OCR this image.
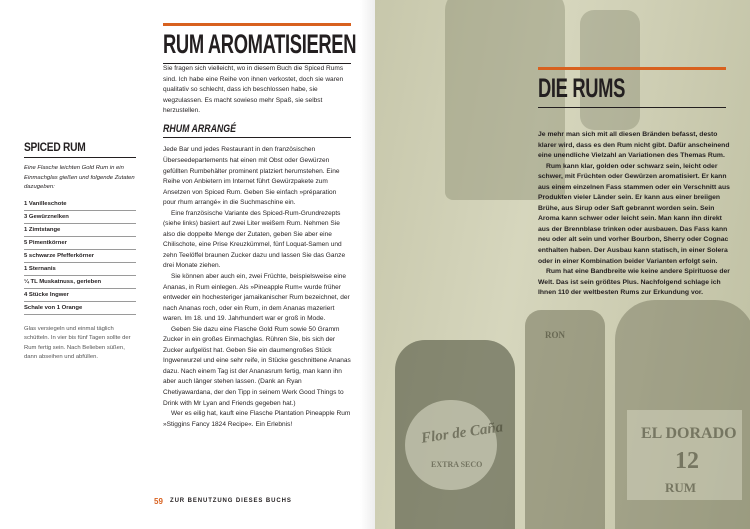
SPICED RUM
Eine Flasche leichten Gold Rum in ein Einmachglas gießen und folgende Zutaten dazugeben:
1 Vanilleschote
3 Gewürznelken
1 Zimtstange
5 Pimentkörner
5 schwarze Pfefferkörner
1 Sternanis
¼ TL Muskatnuss, gerieben
4 Stücke Ingwer
Schale von 1 Orange
Glas versiegeln und einmal täglich schütteln. In vier bis fünf Tagen sollte der Rum fertig sein. Nach Belieben süßen, dann abseihen und abfüllen.
RUM AROMATISIEREN

Sie fragen sich vielleicht, wo in diesem Buch die Spiced Rums sind. Ich habe eine Reihe von ihnen verkostet, doch sie waren qualitativ so schlecht, dass ich beschlossen habe, sie wegzulassen. Es macht sowieso mehr Spaß, sie selbst herzustellen.

RHUM ARRANGÉ

Jede Bar und jedes Restaurant in den französischen Überseedepartements hat einen mit Obst oder Gewürzen gefüllten Rumbehälter prominent platziert herumstehen. Eine Reihe von Anbietern im Internet führt Gewürzpakete zum Ansetzen von Spiced Rum. Geben Sie einfach »préparation pour rhum arrangé« in die Suchmaschine ein.

Eine französische Variante des Spiced-Rum-Grundrezepts (siehe links) basiert auf zwei Liter weißem Rum. Nehmen Sie also die doppelte Menge der Zutaten, geben Sie aber eine Chilischote, eine Prise Kreuzkümmel, fünf Loquat-Samen und zehn Teelöffel braunen Zucker dazu und lassen Sie das Ganze drei Monate ziehen.

Sie können aber auch ein, zwei Früchte, beispielsweise eine Ananas, in Rum einlegen. Als »Pineapple Rum« wurde früher entweder ein hochesteriger jamaikanischer Rum bezeichnet, der nach Ananas roch, oder ein Rum, in dem Ananas mazeriert waren. Im 18. und 19. Jahrhundert war er groß in Mode.

Geben Sie dazu eine Flasche Gold Rum sowie 50 Gramm Zucker in ein großes Einmachglas. Rühren Sie, bis sich der Zucker aufgelöst hat. Geben Sie ein daumengroßes Stück Ingwerwurzel und eine sehr reife, in Stücke geschnittene Ananas dazu. Nach einem Tag ist der Ananasrum fertig, man kann ihn aber auch länger stehen lassen. (Dank an Ryan Chetiyawardana, der den Tipp in seinem Werk Good Things to Drink with Mr Lyan and Friends gegeben hat.)

Wer es eilig hat, kauft eine Flasche Plantation Pineapple Rum »Stiggins Fancy 1824 Recipe«. Ein Erlebnis!

59 ZUR BENUTZUNG DIESES BUCHS
Flor de Caña
EXTRA SECO
EL DORADO
12
RUM
RON
DIE RUMS

Je mehr man sich mit all diesen Bränden befasst, desto klarer wird, dass es den Rum nicht gibt. Dafür anscheinend eine unendliche Vielzahl an Variationen des Themas Rum.

Rum kann klar, golden oder schwarz sein, leicht oder schwer, mit Früchten oder Gewürzen aromatisiert. Er kann aus einem einzelnen Fass stammen oder ein Verschnitt aus Produkten vieler Länder sein. Er kann aus einer breiigen Brühe, aus Sirup oder Saft gebrannt worden sein. Sein Aroma kann schwer oder leicht sein. Man kann ihn direkt aus der Brennblase trinken oder ausbauen. Das Fass kann neu oder alt sein und vorher Bourbon, Sherry oder Cognac enthalten haben. Der Ausbau kann statisch, in einer Solera oder in einer Kombination beider Varianten erfolgt sein.

Rum hat eine Bandbreite wie keine andere Spirituose der Welt. Das ist sein größtes Plus. Nachfolgend schlage ich Ihnen 110 der weltbesten Rums zur Erkundung vor.
